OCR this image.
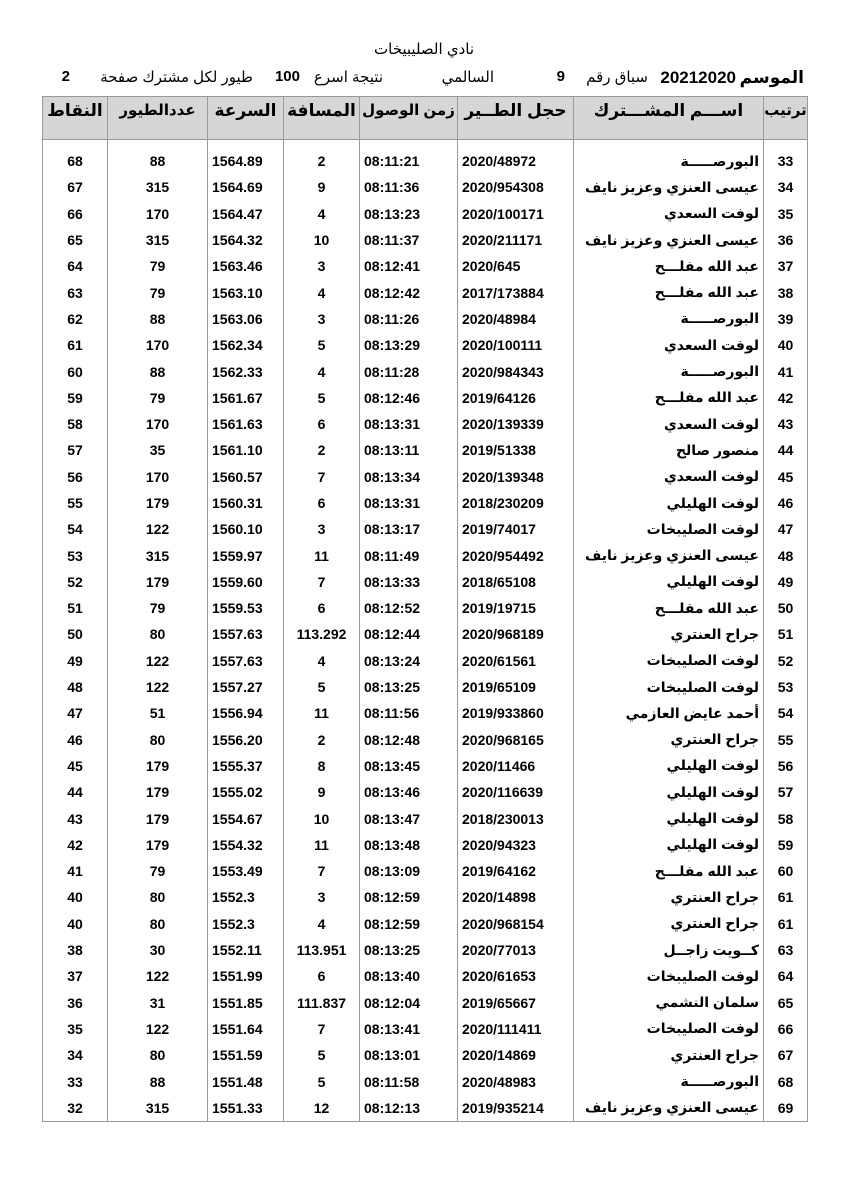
نادي الصليبيخات
الموسم
20212020
سباق رقم
9
السالمي
نتيجة اسرع
100
طيور لكل مشترك صفحة
2
ترتيب	اســـم المشـــترك	حجل الطــير	زمن الوصول	المسافة	السرعة	عددالطيور	النقاط

33	البورصـــــة	2020/48972	08:11:21	2	1564.89	88	68
34	عيسى العنزي وعزيز نايف	2020/954308	08:11:36	9	1564.69	315	67
35	لوفت السعدي	2020/100171	08:13:23	4	1564.47	170	66
36	عيسى العنزي وعزيز نايف	2020/211171	08:11:37	10	1564.32	315	65
37	عبد الله مفلـــح	2020/645	08:12:41	3	1563.46	79	64
38	عبد الله مفلـــح	2017/173884	08:12:42	4	1563.10	79	63
39	البورصـــــة	2020/48984	08:11:26	3	1563.06	88	62
40	لوفت السعدي	2020/100111	08:13:29	5	1562.34	170	61
41	البورصـــــة	2020/984343	08:11:28	4	1562.33	88	60
42	عبد الله مفلـــح	2019/64126	08:12:46	5	1561.67	79	59
43	لوفت السعدي	2020/139339	08:13:31	6	1561.63	170	58
44	منصور صالح	2019/51338	08:13:11	2	1561.10	35	57
45	لوفت السعدي	2020/139348	08:13:34	7	1560.57	170	56
46	لوفت الهليلي	2018/230209	08:13:31	6	1560.31	179	55
47	لوفت الصليبخات	2019/74017	08:13:17	3	1560.10	122	54
48	عيسى العنزي وعزيز نايف	2020/954492	08:11:49	11	1559.97	315	53
49	لوفت الهليلي	2018/65108	08:13:33	7	1559.60	179	52
50	عبد الله مفلـــح	2019/19715	08:12:52	6	1559.53	79	51
51	جراح العنتري	2020/968189	08:12:44	113.292	1557.63	80	50
52	لوفت الصليبخات	2020/61561	08:13:24	4	1557.63	122	49
53	لوفت الصليبخات	2019/65109	08:13:25	5	1557.27	122	48
54	أحمد عايض العازمي	2019/933860	08:11:56	11	1556.94	51	47
55	جراح العنتري	2020/968165	08:12:48	2	1556.20	80	46
56	لوفت الهليلي	2020/11466	08:13:45	8	1555.37	179	45
57	لوفت الهليلي	2020/116639	08:13:46	9	1555.02	179	44
58	لوفت الهليلي	2018/230013	08:13:47	10	1554.67	179	43
59	لوفت الهليلي	2020/94323	08:13:48	11	1554.32	179	42
60	عبد الله مفلـــح	2019/64162	08:13:09	7	1553.49	79	41
61	جراح العنتري	2020/14898	08:12:59	3	1552.3	80	40
61	جراح العنتري	2020/968154	08:12:59	4	1552.3	80	40
63	كــويت زاجــل	2020/77013	08:13:25	113.951	1552.11	30	38
64	لوفت الصليبخات	2020/61653	08:13:40	6	1551.99	122	37
65	سلمان النشمي	2019/65667	08:12:04	111.837	1551.85	31	36
66	لوفت الصليبخات	2020/111411	08:13:41	7	1551.64	122	35
67	جراح العنتري	2020/14869	08:13:01	5	1551.59	80	34
68	البورصـــــة	2020/48983	08:11:58	5	1551.48	88	33
69	عيسى العنزي وعزيز نايف	2019/935214	08:12:13	12	1551.33	315	32
